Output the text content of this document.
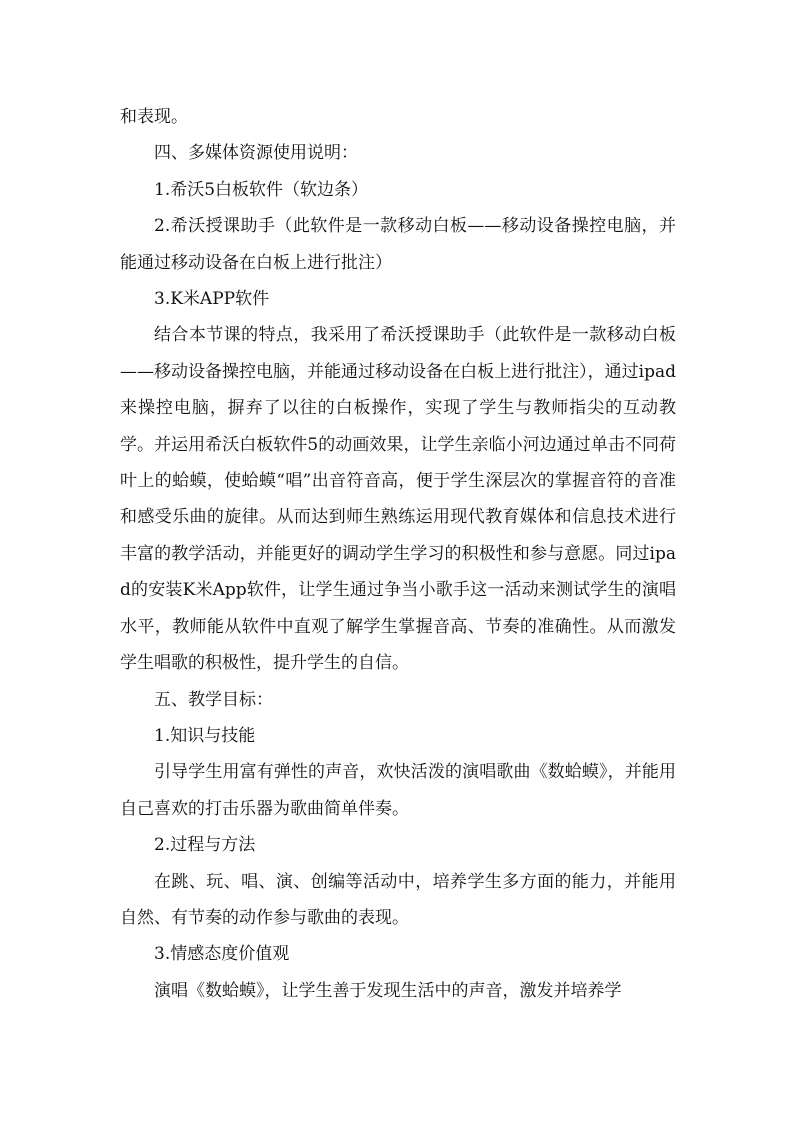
和表现。

四、多媒体资源使用说明：

1.希沃5白板软件（软边条）

2.希沃授课助手（此软件是一款移动白板——移动设备操控电脑，并能通过移动设备在白板上进行批注）

3.K米APP软件

结合本节课的特点，我采用了希沃授课助手（此软件是一款移动白板——移动设备操控电脑，并能通过移动设备在白板上进行批注），通过ipad来操控电脑，摒弃了以往的白板操作，实现了学生与教师指尖的互动教学。并运用希沃白板软件5的动画效果，让学生亲临小河边通过单击不同荷叶上的蛤蟆，使蛤蟆“唱”出音符音高，便于学生深层次的掌握音符的音准和感受乐曲的旋律。从而达到师生熟练运用现代教育媒体和信息技术进行丰富的教学活动，并能更好的调动学生学习的积极性和参与意愿。同过ipad的安装K米App软件，让学生通过争当小歌手这一活动来测试学生的演唱水平，教师能从软件中直观了解学生掌握音高、节奏的准确性。从而激发学生唱歌的积极性，提升学生的自信。

五、教学目标：

1.知识与技能

引导学生用富有弹性的声音，欢快活泼的演唱歌曲《数蛤蟆》，并能用自己喜欢的打击乐器为歌曲简单伴奏。

2.过程与方法

在跳、玩、唱、演、创编等活动中，培养学生多方面的能力，并能用自然、有节奏的动作参与歌曲的表现。

3.情感态度价值观

演唱《数蛤蟆》，让学生善于发现生活中的声音，激发并培养学
